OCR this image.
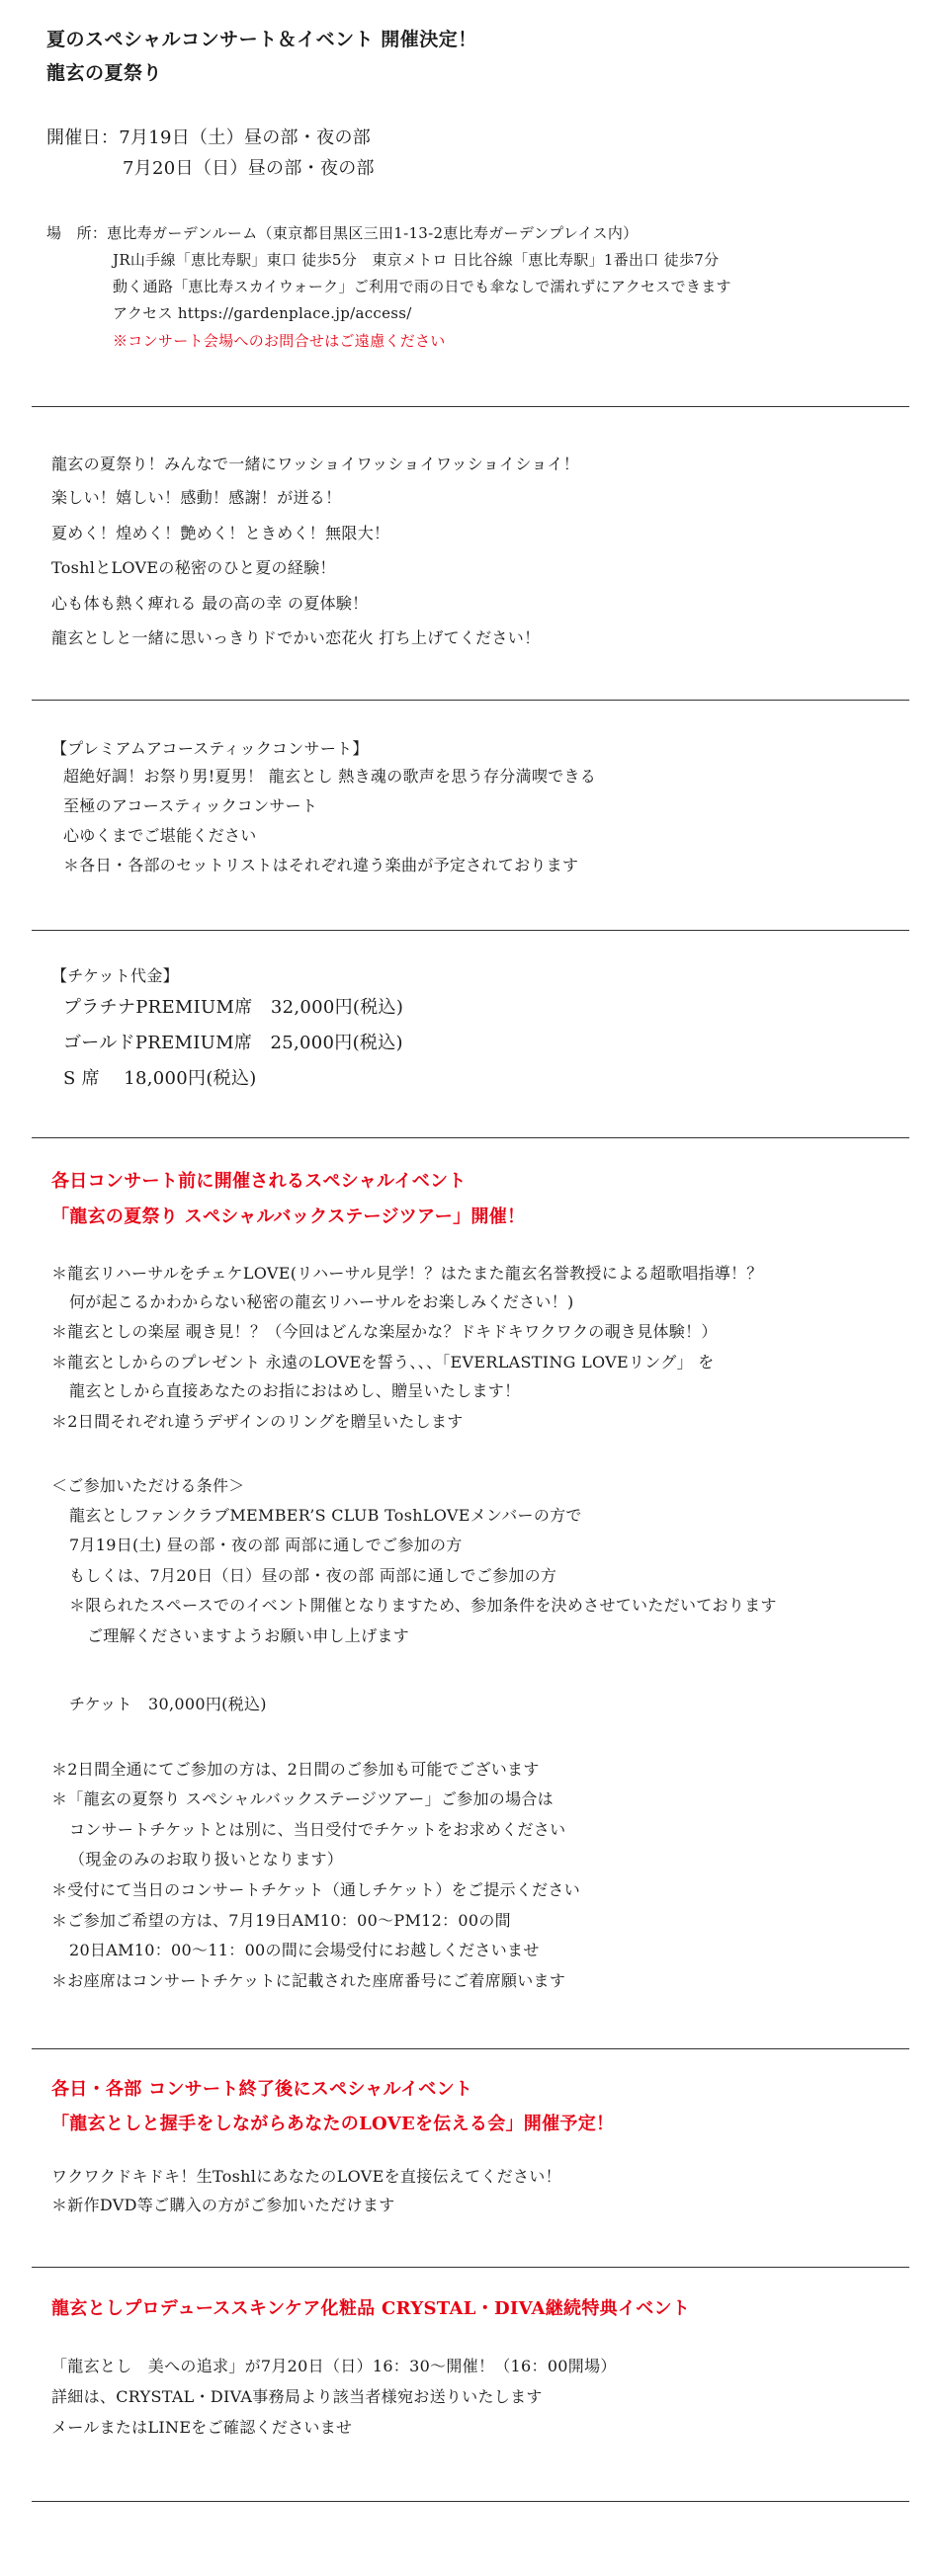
夏のスペシャルコンサート＆イベント 開催決定！
龍玄の夏祭り
開催日：7月19日（土）昼の部・夜の部
7月20日（日）昼の部・夜の部
場　所：恵比寿ガーデンルーム（東京都目黒区三田1-13-2恵比寿ガーデンプレイス内）
JR山手線「恵比寿駅」東口 徒歩5分　東京メトロ 日比谷線「恵比寿駅」1番出口 徒歩7分
動く通路「恵比寿スカイウォーク」ご利用で雨の日でも傘なしで濡れずにアクセスできます
アクセス https://gardenplace.jp/access/
※コンサート会場へのお問合せはご遠慮ください
龍玄の夏祭り！みんなで一緒にワッショイワッショイワッショイショイ！
楽しい！嬉しい！感動！感謝！が迸る！
夏めく！煌めく！艶めく！ときめく！無限大！
ToshlとLOVEの秘密のひと夏の経験！
心も体も熱く痺れる 最の高の幸 の夏体験！
龍玄としと一緒に思いっきりドでかい恋花火 打ち上げてください！
【プレミアムアコースティックコンサート】
超絶好調！お祭り男!夏男！ 龍玄とし 熱き魂の歌声を思う存分満喫できる
至極のアコースティックコンサート
心ゆくまでご堪能ください
＊各日・各部のセットリストはそれぞれ違う楽曲が予定されております
【チケット代金】
プラチナPREMIUM席　32,000円(税込)
ゴールドPREMIUM席　25,000円(税込)
S 席　 18,000円(税込)
各日コンサート前に開催されるスペシャルイベント
「龍玄の夏祭り スペシャルバックステージツアー」開催！
＊龍玄リハーサルをチェケLOVE(リハーサル見学！？はたまた龍玄名誉教授による超歌唱指導！？
何が起こるかわからない秘密の龍玄リハーサルをお楽しみください！)
＊龍玄としの楽屋 覗き見！？（今回はどんな楽屋かな？ドキドキワクワクの覗き見体験！）
＊龍玄としからのプレゼント 永遠のLOVEを誓う、、、「EVERLASTING LOVEリング」 を
龍玄としから直接あなたのお指におはめし、贈呈いたします！
＊2日間それぞれ違うデザインのリングを贈呈いたします
＜ご参加いただける条件＞
龍玄としファンクラブMEMBER’S CLUB ToshLOVEメンバーの方で
7月19日(土) 昼の部・夜の部 両部に通しでご参加の方
もしくは、7月20日（日）昼の部・夜の部 両部に通しでご参加の方
＊限られたスペースでのイベント開催となりますため、参加条件を決めさせていただいております
ご理解くださいますようお願い申し上げます
チケット　30,000円(税込)
＊2日間全通にてご参加の方は、2日間のご参加も可能でございます
＊「龍玄の夏祭り スペシャルバックステージツアー」ご参加の場合は
コンサートチケットとは別に、当日受付でチケットをお求めください
（現金のみのお取り扱いとなります）
＊受付にて当日のコンサートチケット（通しチケット）をご提示ください
＊ご参加ご希望の方は、7月19日AM10：00〜PM12：00の間
20日AM10：00〜11：00の間に会場受付にお越しくださいませ
＊お座席はコンサートチケットに記載された座席番号にご着席願います
各日・各部 コンサート終了後にスペシャルイベント
「龍玄としと握手をしながらあなたのLOVEを伝える会」開催予定！
ワクワクドキドキ！生ToshlにあなたのLOVEを直接伝えてください！
＊新作DVD等ご購入の方がご参加いただけます
龍玄としプロデューススキンケア化粧品 CRYSTAL・DIVA継続特典イベント
「龍玄とし　美への追求」が7月20日（日）16：30〜開催！（16：00開場）
詳細は、CRYSTAL・DIVA事務局より該当者様宛お送りいたします
メールまたはLINEをご確認くださいませ
